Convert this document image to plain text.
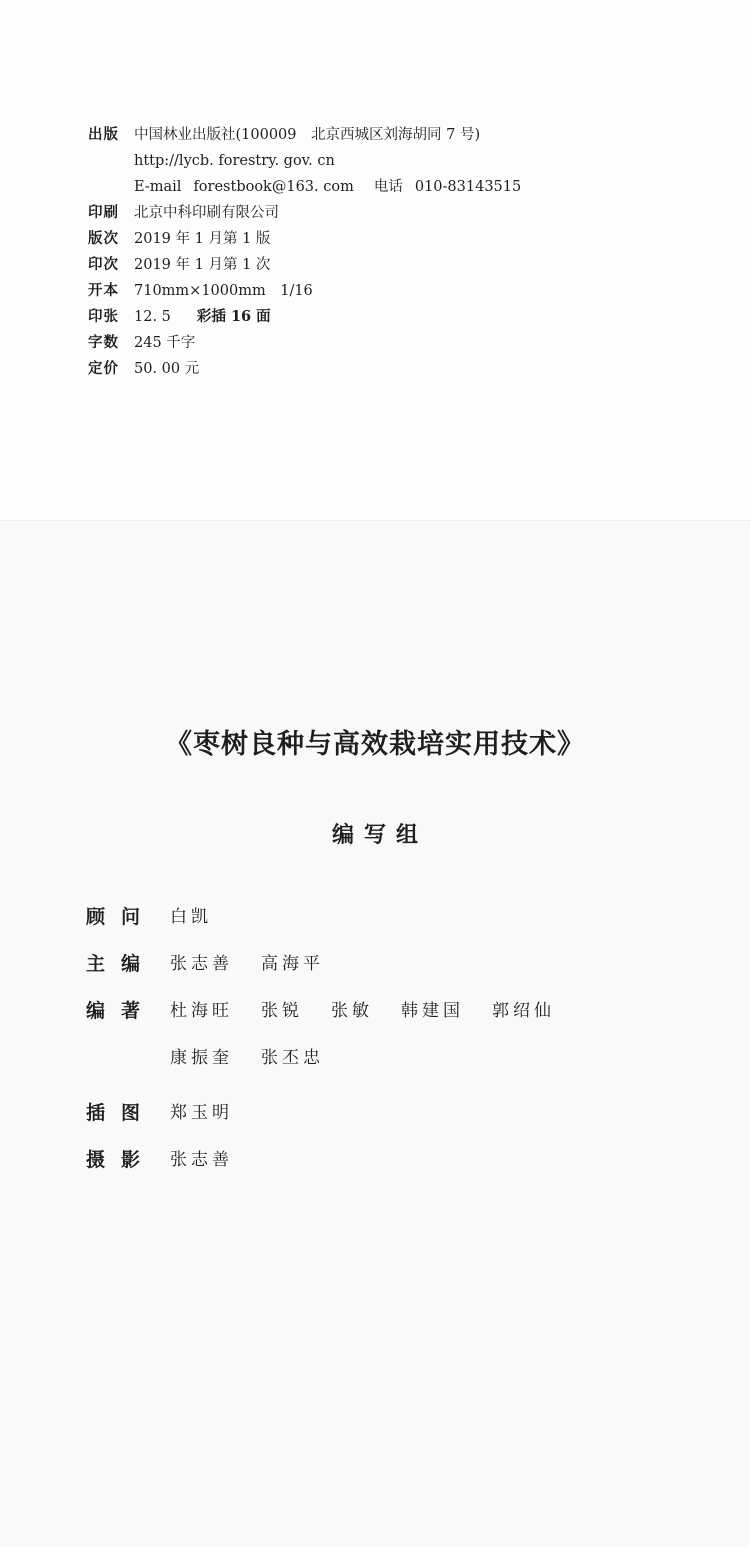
出版	中国林业出版社(100009　北京西城区刘海胡同 7 号)
http://lycb. forestry. gov. cn
E-mail forestbook@163. com 电话 010-83143515
印刷	北京中科印刷有限公司
版次	2019 年 1 月第 1 版
印次	2019 年 1 月第 1 次
开本	710mm×1000mm　1/16
印张	12. 5 彩插 16 面
字数	245 千字
定价	50. 00 元
《枣树良种与高效栽培实用技术》
编写组
顾问 白凯
主编 张志善 高海平
编著 杜海旺 张锐 张敏 韩建国 郭绍仙
康振奎 张丕忠
插图 郑玉明
摄影 张志善
